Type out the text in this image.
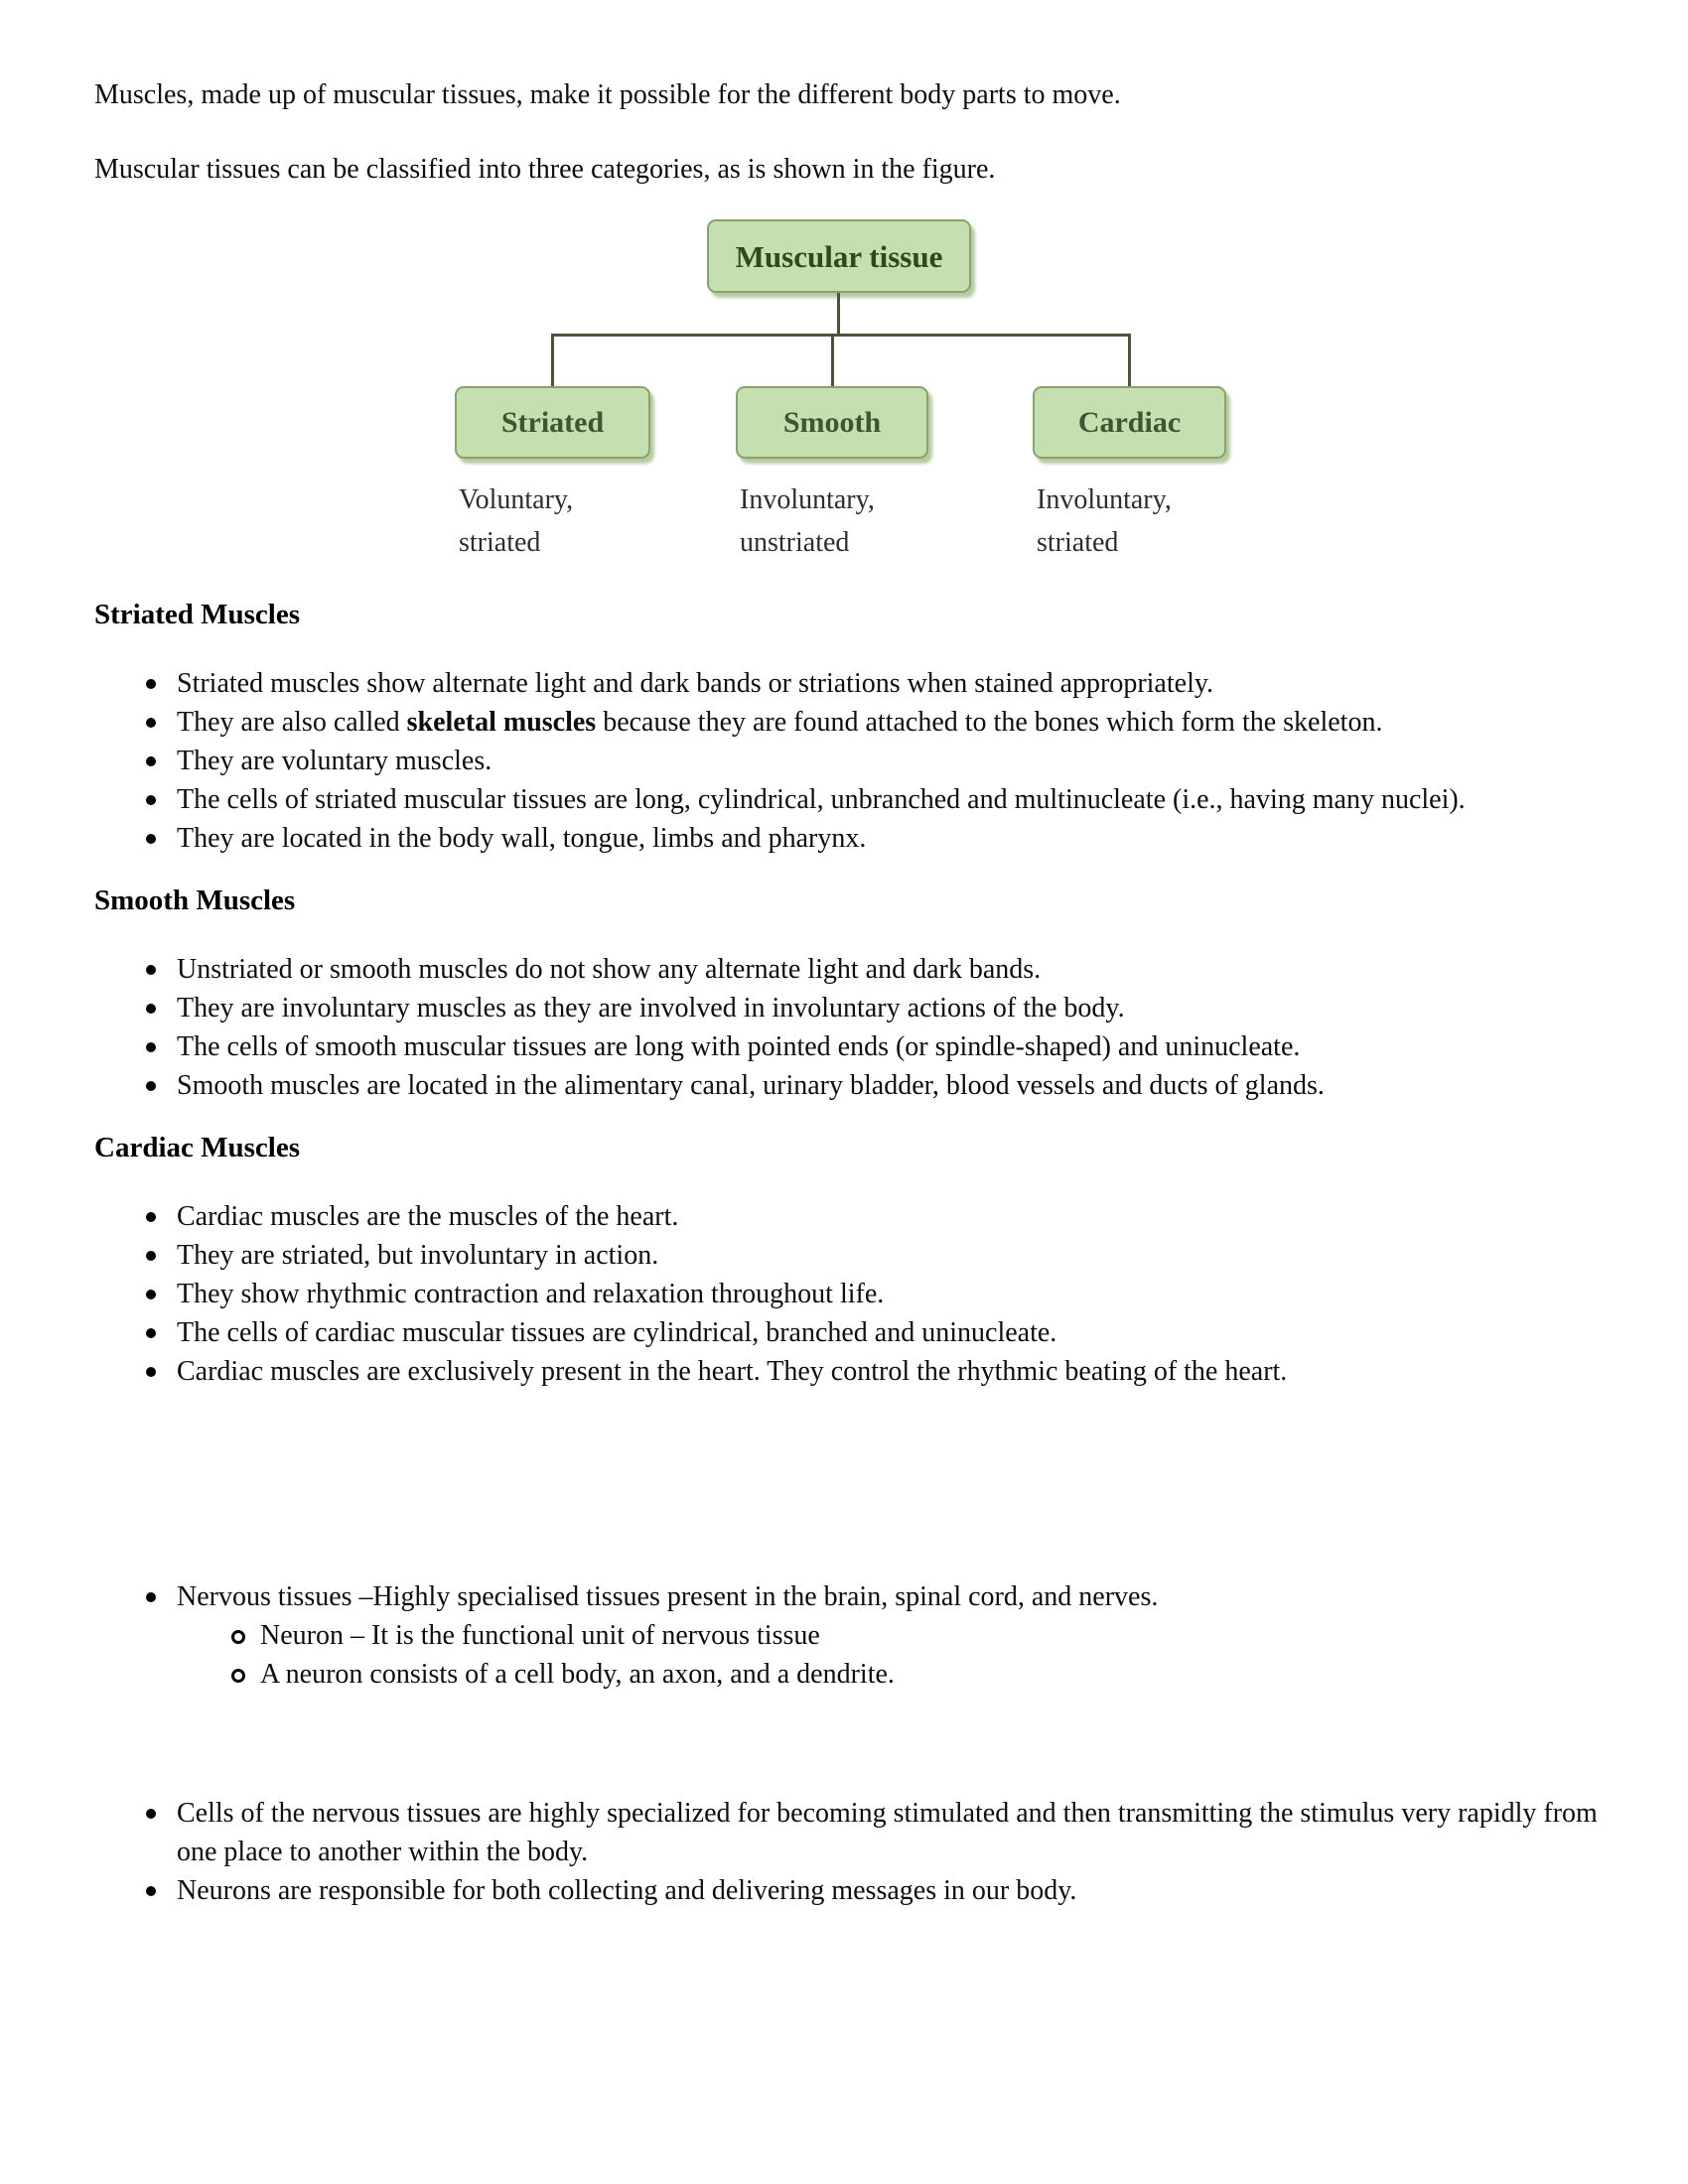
Muscles, made up of muscular tissues, make it possible for the different body parts to move.

Muscular tissues can be classified into three categories, as is shown in the figure.

Muscular tissue
Striated	Smooth	Cardiac
Voluntary,
striated
Involuntary,
unstriated
Involuntary,
striated
Striated Muscles
Striated muscles show alternate light and dark bands or striations when stained appropriately.
They are also called skeletal muscles because they are found attached to the bones which form the skeleton.
They are voluntary muscles.
The cells of striated muscular tissues are long, cylindrical, unbranched and multinucleate (i.e., having many nuclei).
They are located in the body wall, tongue, limbs and pharynx.
Smooth Muscles
Unstriated or smooth muscles do not show any alternate light and dark bands.
They are involuntary muscles as they are involved in involuntary actions of the body.
The cells of smooth muscular tissues are long with pointed ends (or spindle-shaped) and uninucleate.
Smooth muscles are located in the alimentary canal, urinary bladder, blood vessels and ducts of glands.
Cardiac Muscles
Cardiac muscles are the muscles of the heart.
They are striated, but involuntary in action.
They show rhythmic contraction and relaxation throughout life.
The cells of cardiac muscular tissues are cylindrical, branched and uninucleate.
Cardiac muscles are exclusively present in the heart. They control the rhythmic beating of the heart.
Nervous tissues –Highly specialised tissues present in the brain, spinal cord, and nerves.
Neuron – It is the functional unit of nervous tissue
A neuron consists of a cell body, an axon, and a dendrite.
Cells of the nervous tissues are highly specialized for becoming stimulated and then transmitting the stimulus very rapidly from one place to another within the body.
Neurons are responsible for both collecting and delivering messages in our body.
